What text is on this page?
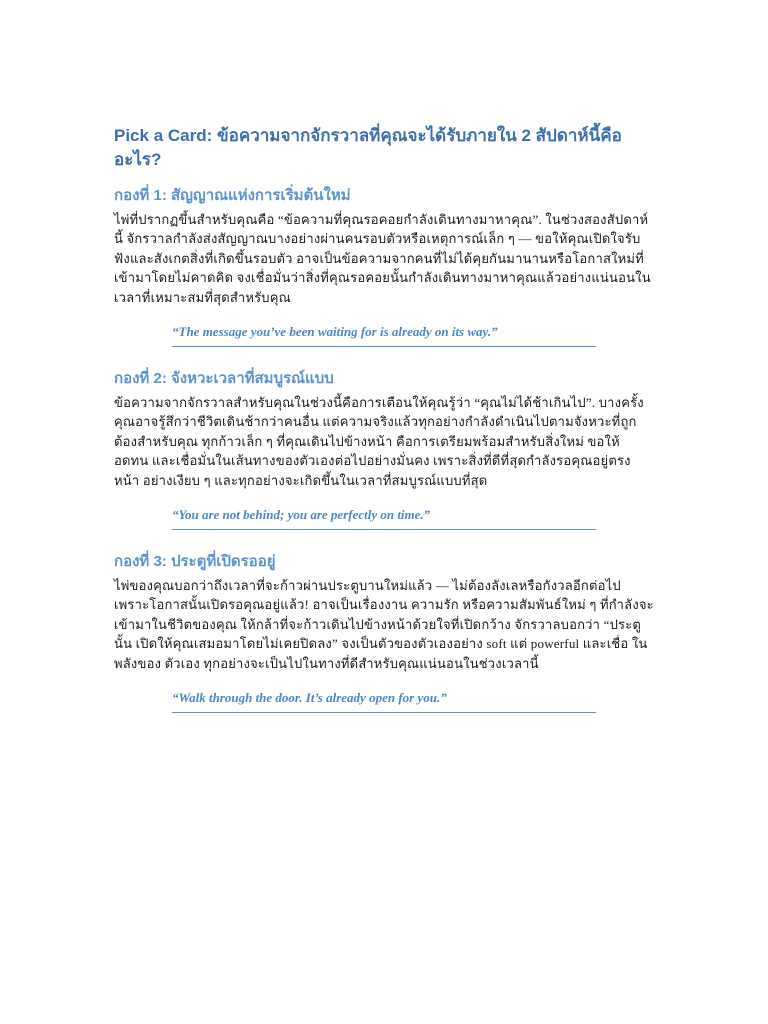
Pick a Card: ข้อความจากจักรวาลที่คุณจะได้รับภายใน 2 สัปดาห์นี้คืออะไร?
กองที่ 1: สัญญาณแห่งการเริ่มต้นใหม่

ไพ่ที่ปรากฏขึ้นสำหรับคุณคือ “ข้อความที่คุณรอคอยกำลังเดินทางมาหาคุณ”. ในช่วงสองสัปดาห์นี้ จักรวาลกำลังส่งสัญญาณบางอย่างผ่านคนรอบตัวหรือเหตุการณ์เล็ก ๆ — ขอให้คุณเปิดใจรับฟังและสังเกตสิ่งที่เกิดขึ้นรอบตัว อาจเป็นข้อความจากคนที่ไม่ได้คุยกันมานานหรือโอกาสใหม่ที่เข้ามาโดยไม่คาดคิด จงเชื่อมั่นว่าสิ่งที่คุณรอคอยนั้นกำลังเดินทางมาหาคุณแล้วอย่างแน่นอนในเวลาที่เหมาะสมที่สุดสำหรับคุณ

“The message you’ve been waiting for is already on its way.”
กองที่ 2: จังหวะเวลาที่สมบูรณ์แบบ

ข้อความจากจักรวาลสำหรับคุณในช่วงนี้คือการเตือนให้คุณรู้ว่า “คุณไม่ได้ช้าเกินไป”. บางครั้งคุณอาจรู้สึกว่าชีวิตเดินช้ากว่าคนอื่น แต่ความจริงแล้วทุกอย่างกำลังดำเนินไปตามจังหวะที่ถูกต้องสำหรับคุณ ทุกก้าวเล็ก ๆ ที่คุณเดินไปข้างหน้า คือการเตรียมพร้อมสำหรับสิ่งใหม่ ขอให้อดทน และเชื่อมั่นในเส้นทางของตัวเองต่อไปอย่างมั่นคง เพราะสิ่งที่ดีที่สุดกำลังรอคุณอยู่ตรงหน้า อย่างเงียบ ๆ และทุกอย่างจะเกิดขึ้นในเวลาที่สมบูรณ์แบบที่สุด

“You are not behind; you are perfectly on time.”
กองที่ 3: ประตูที่เปิดรออยู่

ไพ่ของคุณบอกว่าถึงเวลาที่จะก้าวผ่านประตูบานใหม่แล้ว — ไม่ต้องลังเลหรือกังวลอีกต่อไปเพราะโอกาสนั้นเปิดรอคุณอยู่แล้ว! อาจเป็นเรื่องงาน ความรัก หรือความสัมพันธ์ใหม่ ๆ ที่กำลังจะเข้ามาในชีวิตของคุณ ให้กล้าที่จะก้าวเดินไปข้างหน้าด้วยใจที่เปิดกว้าง จักรวาลบอกว่า “ประตูนั้น เปิดให้คุณเสมอมาโดยไม่เคยปิดลง” จงเป็นตัวของตัวเองอย่าง soft แต่ powerful และเชื่อ ในพลังของ ตัวเอง ทุกอย่างจะเป็นไปในทางที่ดีสำหรับคุณแน่นอนในช่วงเวลานี้

“Walk through the door. It’s already open for you.”
